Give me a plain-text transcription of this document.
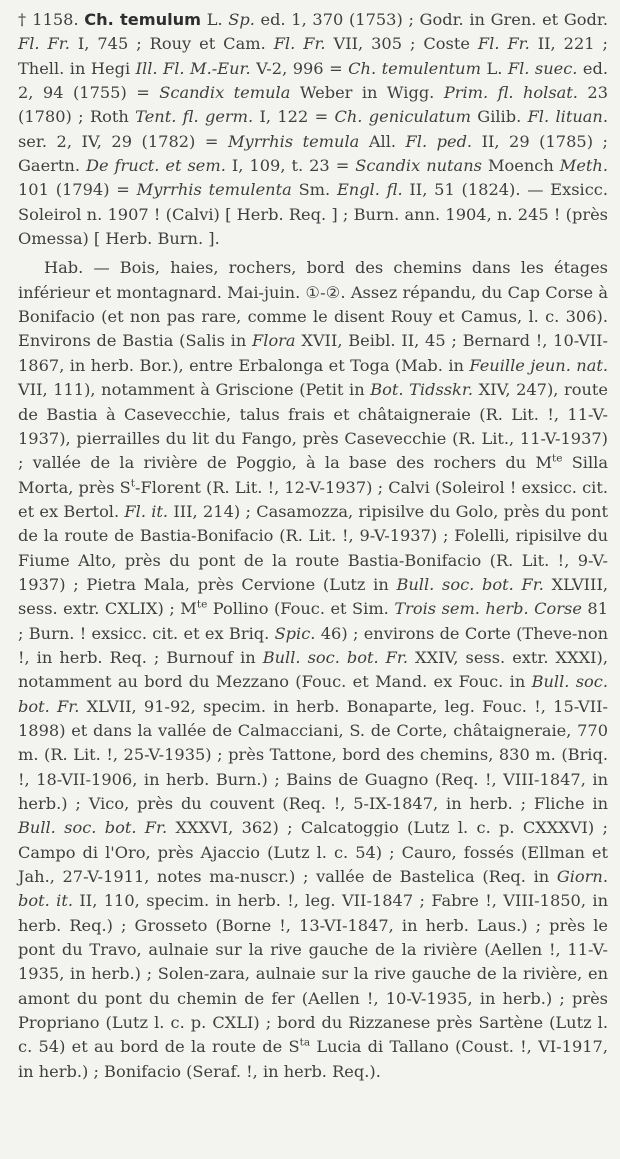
† 1158. Ch. temulum L. Sp. ed. 1, 370 (1753) ; Godr. in Gren. et Godr. Fl. Fr. I, 745 ; Rouy et Cam. Fl. Fr. VII, 305 ; Coste Fl. Fr. II, 221 ; Thell. in Hegi Ill. Fl. M.-Eur. V-2, 996 = Ch. temulentum L. Fl. suec. ed. 2, 94 (1755) = Scandix temula Weber in Wigg. Prim. fl. holsat. 23 (1780) ; Roth Tent. fl. germ. I, 122 = Ch. geniculatum Gilib. Fl. lituan. ser. 2, IV, 29 (1782) = Myrrhis temula All. Fl. ped. II, 29 (1785) ; Gaertn. De fruct. et sem. I, 109, t. 23 = Scandix nutans Moench Meth. 101 (1794) = Myrrhis temulenta Sm. Engl. fl. II, 51 (1824). — Exsicc. Soleirol n. 1907 ! (Calvi) [ Herb. Req. ] ; Burn. ann. 1904, n. 245 ! (près Omessa) [ Herb. Burn. ].

Hab. — Bois, haies, rochers, bord des chemins dans les étages inférieur et montagnard. Mai-juin. ①-②. Assez répandu, du Cap Corse à Bonifacio (et non pas rare, comme le disent Rouy et Camus, l. c. 306). Environs de Bastia (Salis in Flora XVII, Beibl. II, 45 ; Bernard !, 10-VII-1867, in herb. Bor.), entre Erbalonga et Toga (Mab. in Feuille jeun. nat. VII, 111), notamment à Griscione (Petit in Bot. Tidsskr. XIV, 247), route de Bastia à Casevecchie, talus frais et châtaigneraie (R. Lit. !, 11-V-1937), pierrailles du lit du Fango, près Casevecchie (R. Lit., 11-V-1937) ; vallée de la rivière de Poggio, à la base des rochers du $M^{te}$ Silla Morta, près $S^t$-Florent (R. Lit. !, 12-V-1937) ; Calvi (Soleirol ! exsicc. cit. et ex Bertol. Fl. it. III, 214) ; Casamozza, ripisilve du Golo, près du pont de la route de Bastia-Bonifacio (R. Lit. !, 9-V-1937) ; Folelli, ripisilve du Fiume Alto, près du pont de la route Bastia-Bonifacio (R. Lit. !, 9-V-1937) ; Pietra Mala, près Cervione (Lutz in Bull. soc. bot. Fr. XLVIII, sess. extr. CXLIX) ; $M^{te}$ Pollino (Fouc. et Sim. Trois sem. herb. Corse 81 ; Burn. ! exsicc. cit. et ex Briq. Spic. 46) ; environs de Corte (Theve-non !, in herb. Req. ; Burnouf in Bull. soc. bot. Fr. XXIV, sess. extr. XXXI), notamment au bord du Mezzano (Fouc. et Mand. ex Fouc. in Bull. soc. bot. Fr. XLVII, 91-92, specim. in herb. Bonaparte, leg. Fouc. !, 15-VII-1898) et dans la vallée de Calmacciani, S. de Corte, châtaigneraie, 770 m. (R. Lit. !, 25-V-1935) ; près Tattone, bord des chemins, 830 m. (Briq. !, 18-VII-1906, in herb. Burn.) ; Bains de Guagno (Req. !, VIII-1847, in herb.) ; Vico, près du couvent (Req. !, 5-IX-1847, in herb. ; Fliche in Bull. soc. bot. Fr. XXXVI, 362) ; Calcatoggio (Lutz l. c. p. CXXXVI) ; Campo di l'Oro, près Ajaccio (Lutz l. c. 54) ; Cauro, fossés (Ellman et Jah., 27-V-1911, notes ma-nuscr.) ; vallée de Bastelica (Req. in Giorn. bot. it. II, 110, specim. in herb. !, leg. VII-1847 ; Fabre !, VIII-1850, in herb. Req.) ; Grosseto (Borne !, 13-VI-1847, in herb. Laus.) ; près le pont du Travo, aulnaie sur la rive gauche de la rivière (Aellen !, 11-V-1935, in herb.) ; Solen-zara, aulnaie sur la rive gauche de la rivière, en amont du pont du chemin de fer (Aellen !, 10-V-1935, in herb.) ; près Propriano (Lutz l. c. p. CXLI) ; bord du Rizzanese près Sartène (Lutz l. c. 54) et au bord de la route de $S^{ta}$ Lucia di Tallano (Coust. !, VI-1917, in herb.) ; Bonifacio (Seraf. !, in herb. Req.).
